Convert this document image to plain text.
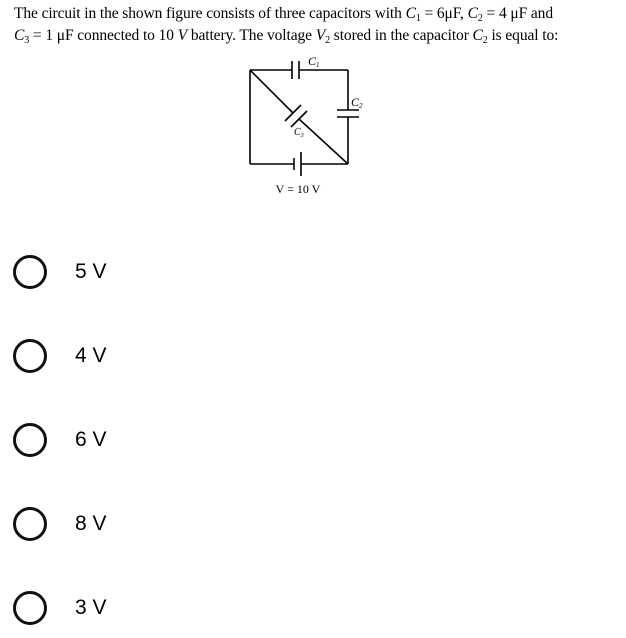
The circuit in the shown figure consists of three capacitors with $C_1 = 6\mu F$, $C_2 = 4$ μF and
$C_3 = 1$ μF connected to 10 V battery. The voltage $V_2$ stored in the capacitor $C_2$ is equal to:
C1
C2
$C_3$
V = 10 V
5 V
4 V
6 V
8 V
3 V
